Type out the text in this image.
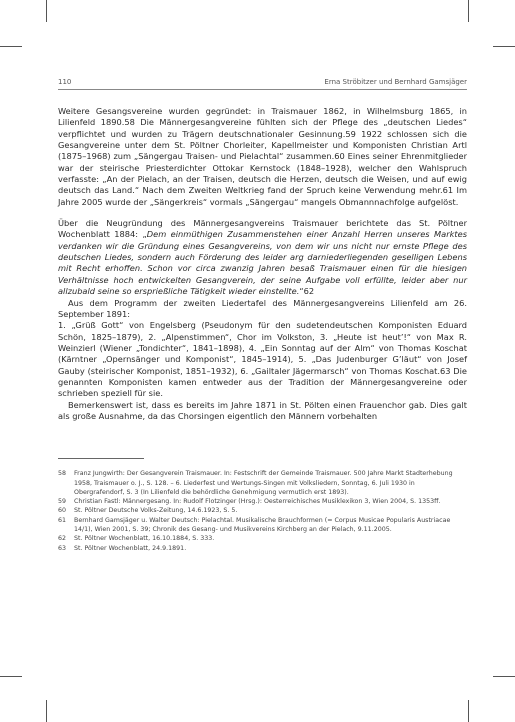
110	Erna Ströbitzer und Bernhard Gamsjäger

Weitere Gesangsvereine wurden gegründet: in Traismauer 1862, in Wilhelmsburg 1865, in Lilienfeld 1890.58 Die Männergesangvereine fühlten sich der Pflege des „deutschen Liedes“ verpflichtet und wurden zu Trägern deutschnationaler Gesinnung.59 1922 schlossen sich die Gesangvereine unter dem St. Pöltner Chorleiter, Kapellmeister und Komponisten Christian Artl (1875–1968) zum „Sängergau Traisen- und Pielachtal“ zusammen.60 Eines seiner Ehrenmitglieder war der steirische Priesterdichter Ottokar Kernstock (1848–1928), welcher den Wahlspruch verfasste: „An der Pielach, an der Traisen, deutsch die Herzen, deutsch die Weisen, und auf ewig deutsch das Land.“ Nach dem Zweiten Weltkrieg fand der Spruch keine Verwendung mehr.61 Im Jahre 2005 wurde der „Sängerkreis“ vormals „Sängergau“ mangels Obmannnachfolge aufgelöst.

Über die Neugründung des Männergesangvereins Traismauer berichtete das St. Pöltner Wochenblatt 1884: „Dem einmüthigen Zusammenstehen einer Anzahl Herren unseres Marktes verdanken wir die Gründung eines Gesangvereins, von dem wir uns nicht nur ernste Pflege des deutschen Liedes, sondern auch Förderung des leider arg darniederliegenden geselligen Lebens mit Recht erhoffen. Schon vor circa zwanzig Jahren besaß Traismauer einen für die hiesigen Verhältnisse hoch entwickelten Gesangverein, der seine Aufgabe voll erfüllte, leider aber nur allzubald seine so ersprießliche Tätigkeit wieder einstellte.“62

Aus dem Programm der zweiten Liedertafel des Männergesangvereins Lilienfeld am 26. September 1891:

1. „Grüß Gott“ von Engelsberg (Pseudonym für den sudetendeutschen Komponisten Eduard Schön, 1825–1879), 2. „Alpenstimmen“, Chor im Volkston, 3. „Heute ist heut’!“ von Max R. Weinzierl (Wiener „Tondichter“, 1841–1898), 4. „Ein Sonntag auf der Alm“ von Thomas Koschat (Kärntner „Opernsänger und Komponist“, 1845–1914), 5. „Das Judenburger G’läut“ von Josef Gauby (steirischer Komponist, 1851–1932), 6. „Gailtaler Jägermarsch“ von Thomas Koschat.63 Die genannten Komponisten kamen entweder aus der Tradition der Männergesangvereine oder schrieben speziell für sie.

Bemerkenswert ist, dass es bereits im Jahre 1871 in St. Pölten einen Frauenchor gab. Dies galt als große Ausnahme, da das Chorsingen eigentlich den Männern vorbehalten

58	Franz Jungwirth: Der Gesangverein Traismauer. In: Festschrift der Gemeinde Traismauer. 500 Jahre Markt Stadterhebung 1958, Traismauer o. J., S. 128. – 6. Liederfest und Wertungs-Singen mit Volksliedern, Sonntag, 6. Juli 1930 in Obergrafendorf, S. 3 (In Lilienfeld die behördliche Genehmigung vermutlich erst 1893).
59	Christian Fastl: Männergesang. In: Rudolf Flotzinger (Hrsg.): Oesterreichisches Musiklexikon 3, Wien 2004, S. 1353ff.
60	St. Pöltner Deutsche Volks-Zeitung, 14.6.1923, S. 5.
61	Bernhard Gamsjäger u. Walter Deutsch: Pielachtal. Musikalische Brauchformen (= Corpus Musicae Popularis Austriacae 14/1), Wien 2001, S. 39; Chronik des Gesang- und Musikvereins Kirchberg an der Pielach, 9.11.2005.
62	St. Pöltner Wochenblatt, 16.10.1884, S. 333.
63	St. Pöltner Wochenblatt, 24.9.1891.
